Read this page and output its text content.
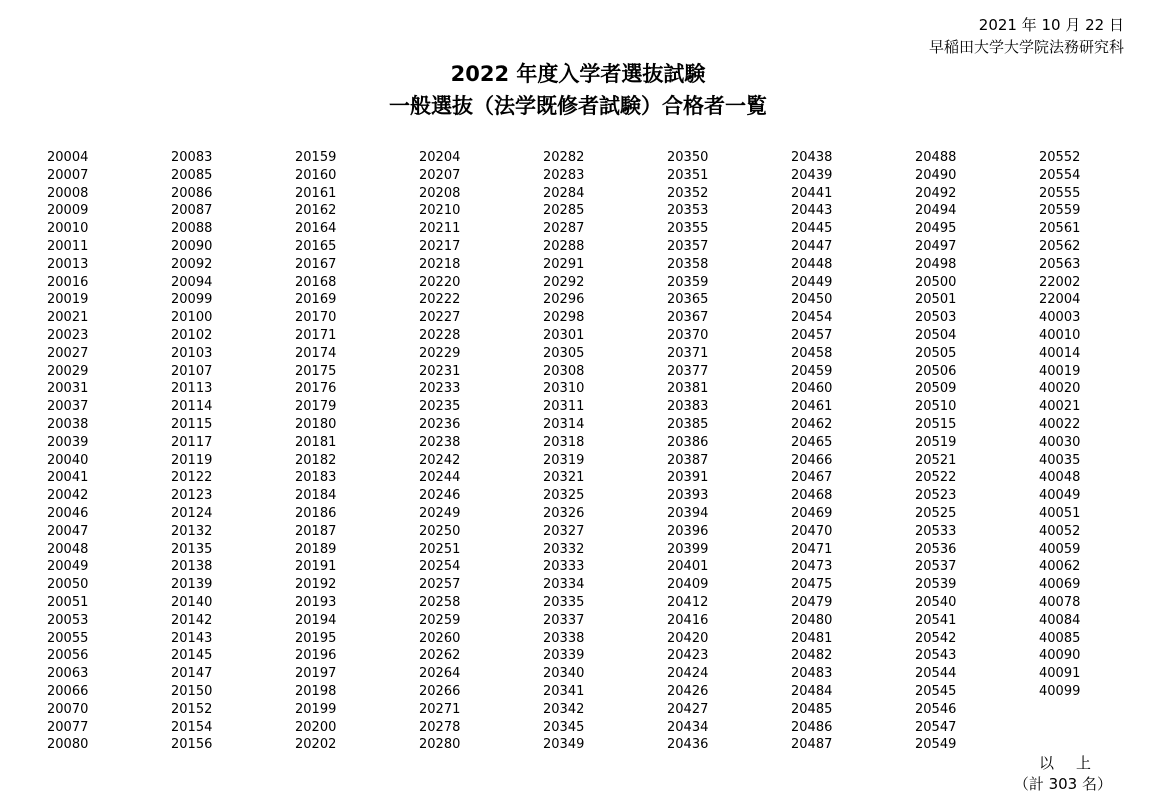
2021 年 10 月 22 日
早稲田大学大学院法務研究科
2022 年度入学者選抜試験
一般選抜（法学既修者試験）合格者一覧
20004
20007
20008
20009
20010
20011
20013
20016
20019
20021
20023
20027
20029
20031
20037
20038
20039
20040
20041
20042
20046
20047
20048
20049
20050
20051
20053
20055
20056
20063
20066
20070
20077
20080
20083
20085
20086
20087
20088
20090
20092
20094
20099
20100
20102
20103
20107
20113
20114
20115
20117
20119
20122
20123
20124
20132
20135
20138
20139
20140
20142
20143
20145
20147
20150
20152
20154
20156
20159
20160
20161
20162
20164
20165
20167
20168
20169
20170
20171
20174
20175
20176
20179
20180
20181
20182
20183
20184
20186
20187
20189
20191
20192
20193
20194
20195
20196
20197
20198
20199
20200
20202
20204
20207
20208
20210
20211
20217
20218
20220
20222
20227
20228
20229
20231
20233
20235
20236
20238
20242
20244
20246
20249
20250
20251
20254
20257
20258
20259
20260
20262
20264
20266
20271
20278
20280
20282
20283
20284
20285
20287
20288
20291
20292
20296
20298
20301
20305
20308
20310
20311
20314
20318
20319
20321
20325
20326
20327
20332
20333
20334
20335
20337
20338
20339
20340
20341
20342
20345
20349
20350
20351
20352
20353
20355
20357
20358
20359
20365
20367
20370
20371
20377
20381
20383
20385
20386
20387
20391
20393
20394
20396
20399
20401
20409
20412
20416
20420
20423
20424
20426
20427
20434
20436
20438
20439
20441
20443
20445
20447
20448
20449
20450
20454
20457
20458
20459
20460
20461
20462
20465
20466
20467
20468
20469
20470
20471
20473
20475
20479
20480
20481
20482
20483
20484
20485
20486
20487
20488
20490
20492
20494
20495
20497
20498
20500
20501
20503
20504
20505
20506
20509
20510
20515
20519
20521
20522
20523
20525
20533
20536
20537
20539
20540
20541
20542
20543
20544
20545
20546
20547
20549
20552
20554
20555
20559
20561
20562
20563
22002
22004
40003
40010
40014
40019
40020
40021
40022
40030
40035
40048
40049
40051
40052
40059
40062
40069
40078
40084
40085
40090
40091
40099
以上
（計 303 名）
